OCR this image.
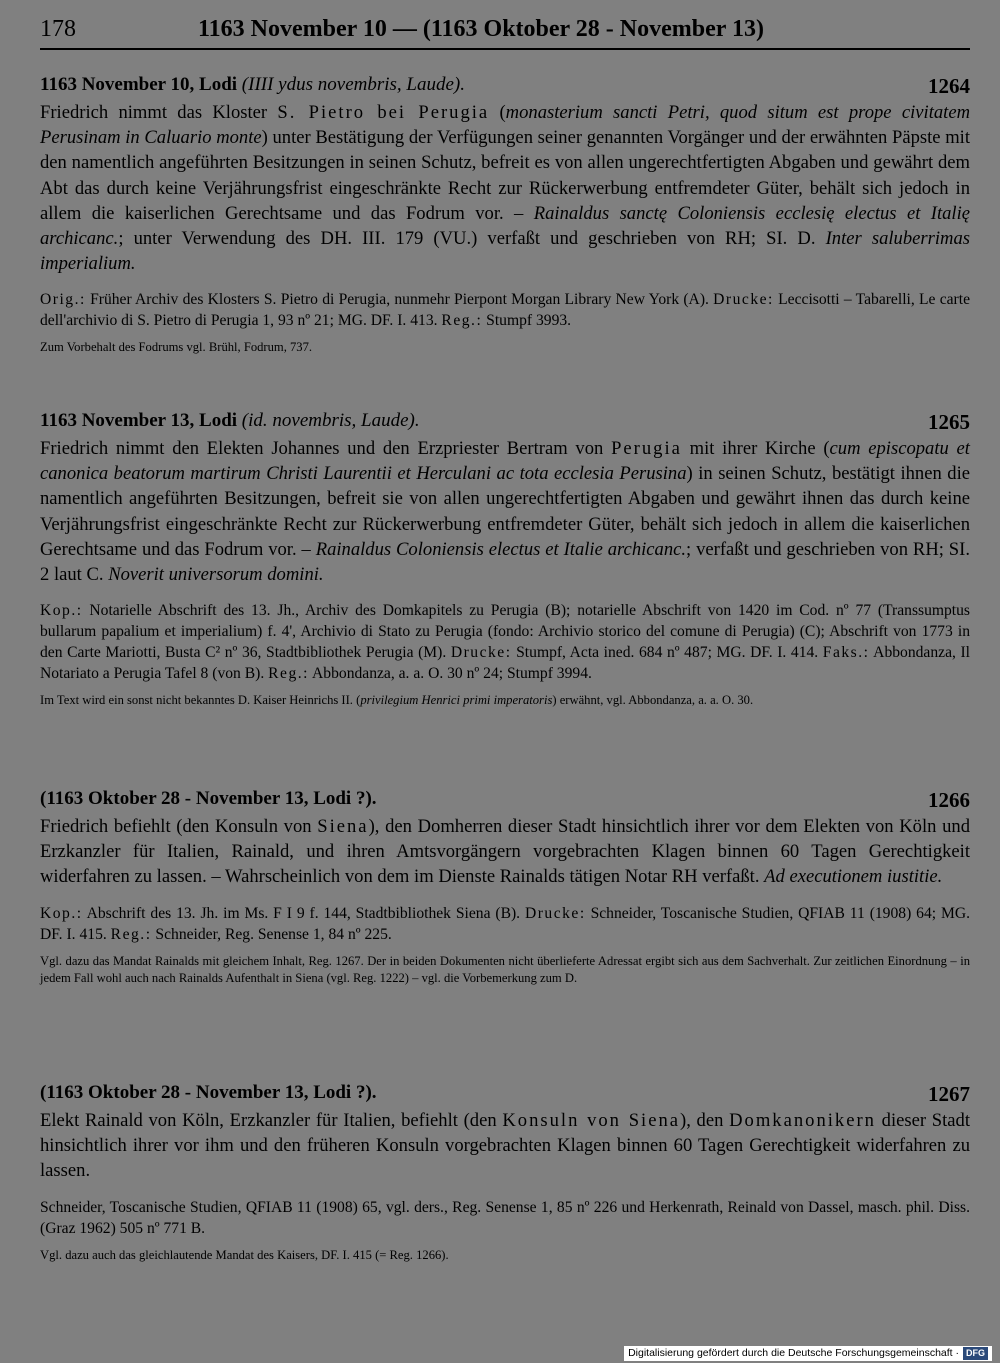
178	1163 November 10 — (1163 Oktober 28 - November 13)
1163 November 10, Lodi (IIII ydus novembris, Laude).	1264

Friedrich nimmt das Kloster S. Pietro bei Perugia (monasterium sancti Petri, quod situm est prope civitatem Perusinam in Caluario monte) unter Bestätigung der Verfügungen seiner genannten Vorgänger und der erwähnten Päpste mit den namentlich angeführten Besitzungen in seinen Schutz, befreit es von allen ungerechtfertigten Abgaben und gewährt dem Abt das durch keine Verjährungsfrist eingeschränkte Recht zur Rückerwerbung entfremdeter Güter, behält sich jedoch in allem die kaiserlichen Gerechtsame und das Fodrum vor. – Rainaldus sanctę Coloniensis ecclesię electus et Italię archicanc.; unter Verwendung des DH. III. 179 (VU.) verfaßt und geschrieben von RH; SI. D. Inter saluberrimas imperialium.

Orig.: Früher Archiv des Klosters S. Pietro di Perugia, nunmehr Pierpont Morgan Library New York (A). Drucke: Leccisotti – Tabarelli, Le carte dell'archivio di S. Pietro di Perugia 1, 93 nº 21; MG. DF. I. 413. Reg.: Stumpf 3993.

Zum Vorbehalt des Fodrums vgl. Brühl, Fodrum, 737.

1163 November 13, Lodi (id. novembris, Laude).	1265

Friedrich nimmt den Elekten Johannes und den Erzpriester Bertram von Perugia mit ihrer Kirche (cum episcopatu et canonica beatorum martirum Christi Laurentii et Herculani ac tota ecclesia Perusina) in seinen Schutz, bestätigt ihnen die namentlich angeführten Besitzungen, befreit sie von allen ungerechtfertigten Abgaben und gewährt ihnen das durch keine Verjährungsfrist eingeschränkte Recht zur Rückerwerbung entfremdeter Güter, behält sich jedoch in allem die kaiserlichen Gerechtsame und das Fodrum vor. – Rainaldus Coloniensis electus et Italie archicanc.; verfaßt und geschrieben von RH; SI. 2 laut C. Noverit universorum domini.

Kop.: Notarielle Abschrift des 13. Jh., Archiv des Domkapitels zu Perugia (B); notarielle Abschrift von 1420 im Cod. nº 77 (Transsumptus bullarum papalium et imperialium) f. 4', Archivio di Stato zu Perugia (fondo: Archivio storico del comune di Perugia) (C); Abschrift von 1773 in den Carte Mariotti, Busta C² nº 36, Stadtbibliothek Perugia (M). Drucke: Stumpf, Acta ined. 684 nº 487; MG. DF. I. 414. Faks.: Abbondanza, Il Notariato a Perugia Tafel 8 (von B). Reg.: Abbondanza, a. a. O. 30 nº 24; Stumpf 3994.

Im Text wird ein sonst nicht bekanntes D. Kaiser Heinrichs II. (privilegium Henrici primi imperatoris) erwähnt, vgl. Abbondanza, a. a. O. 30.

(1163 Oktober 28 - November 13, Lodi ?).	1266

Friedrich befiehlt (den Konsuln von Siena), den Domherren dieser Stadt hinsichtlich ihrer vor dem Elekten von Köln und Erzkanzler für Italien, Rainald, und ihren Amtsvorgängern vorgebrachten Klagen binnen 60 Tagen Gerechtigkeit widerfahren zu lassen. – Wahrscheinlich von dem im Dienste Rainalds tätigen Notar RH verfaßt. Ad executionem iustitie.

Kop.: Abschrift des 13. Jh. im Ms. F I 9 f. 144, Stadtbibliothek Siena (B). Drucke: Schneider, Toscanische Studien, QFIAB 11 (1908) 64; MG. DF. I. 415. Reg.: Schneider, Reg. Senense 1, 84 nº 225.

Vgl. dazu das Mandat Rainalds mit gleichem Inhalt, Reg. 1267. Der in beiden Dokumenten nicht überlieferte Adressat ergibt sich aus dem Sachverhalt. Zur zeitlichen Einordnung – in jedem Fall wohl auch nach Rainalds Aufenthalt in Siena (vgl. Reg. 1222) – vgl. die Vorbemerkung zum D.

(1163 Oktober 28 - November 13, Lodi ?).	1267

Elekt Rainald von Köln, Erzkanzler für Italien, befiehlt (den Konsuln von Siena), den Domkanonikern dieser Stadt hinsichtlich ihrer vor ihm und den früheren Konsuln vorgebrachten Klagen binnen 60 Tagen Gerechtigkeit widerfahren zu lassen.

Schneider, Toscanische Studien, QFIAB 11 (1908) 65, vgl. ders., Reg. Senense 1, 85 nº 226 und Herkenrath, Reinald von Dassel, masch. phil. Diss. (Graz 1962) 505 nº 771 B.

Vgl. dazu auch das gleichlautende Mandat des Kaisers, DF. I. 415 (= Reg. 1266).

Digitalisierung gefördert durch die Deutsche Forschungsgemeinschaft · DFG
